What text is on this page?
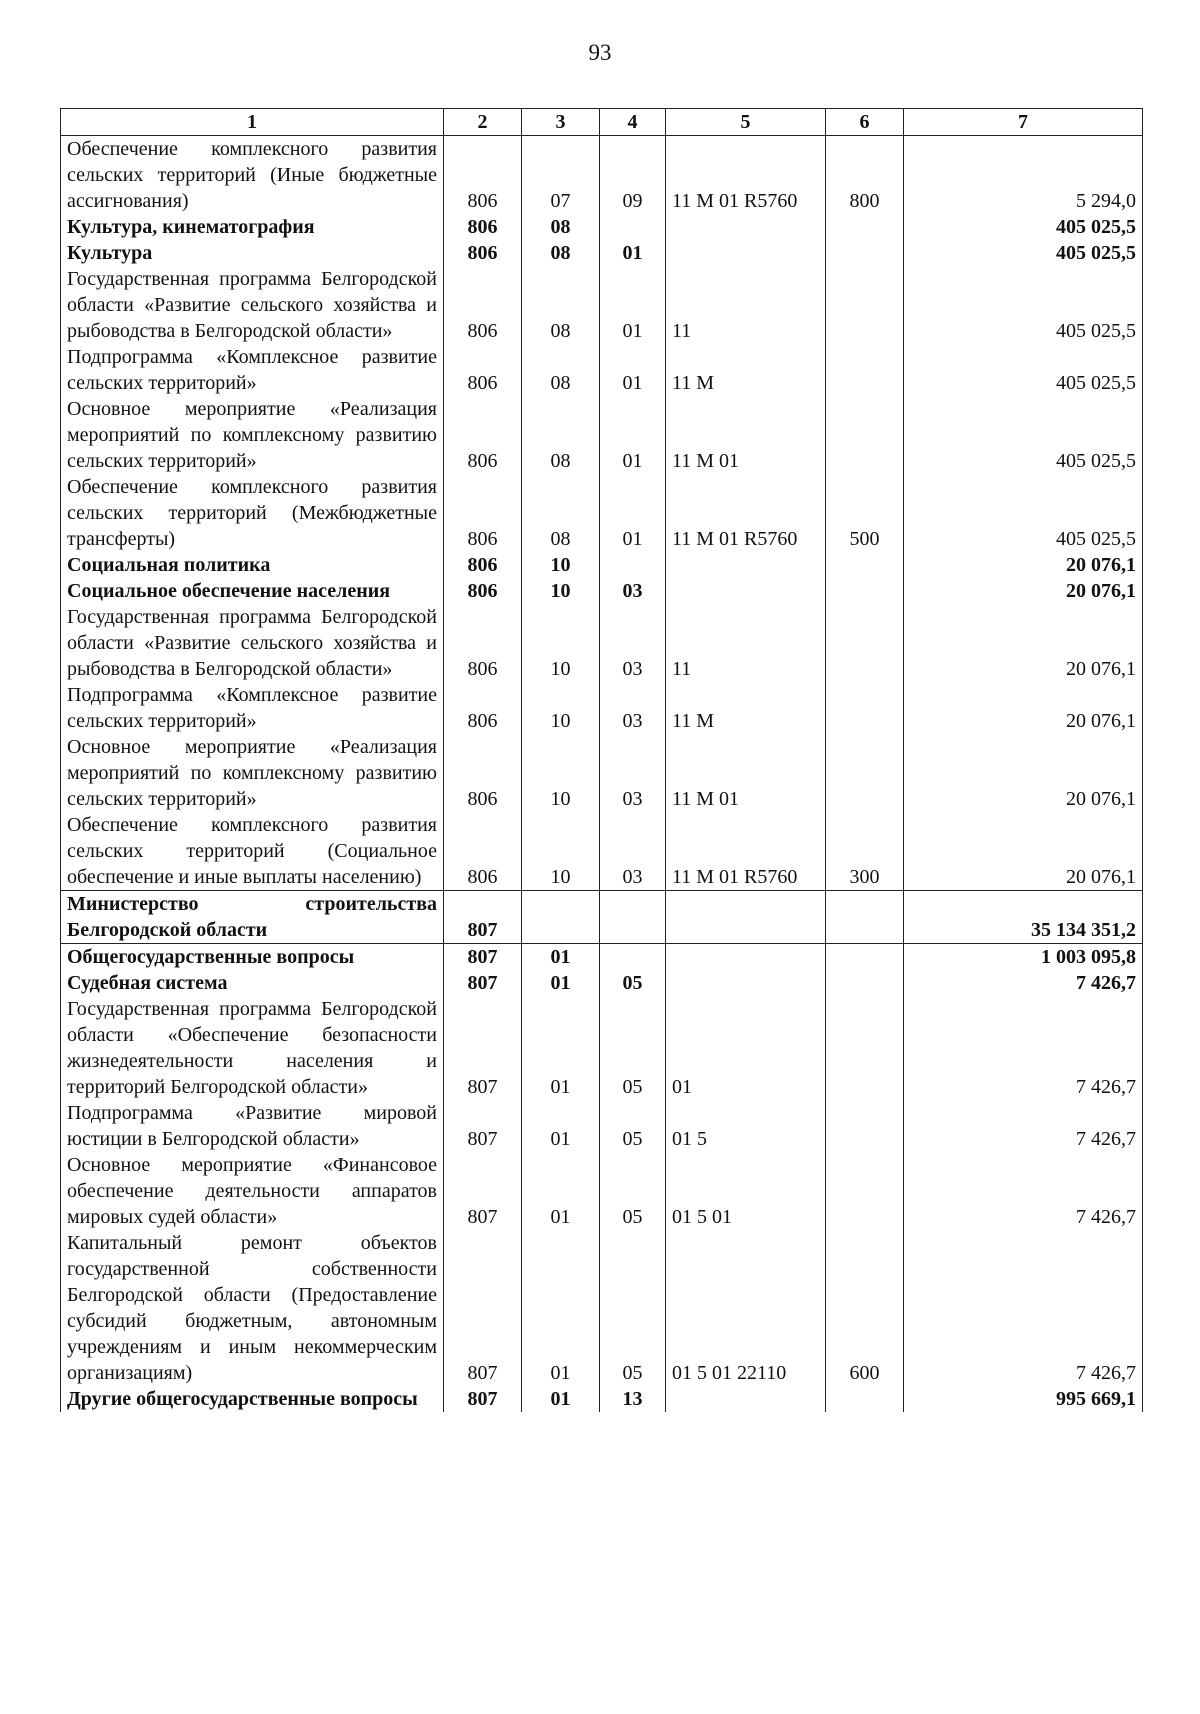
93
1	2	3	4	5	6	7
Обеспечение комплексного развития сельских территорий (Иные бюджетные ассигнования)	806	07	09	11 М 01 R5760	800	5 294,0
Культура, кинематография	806	08				405 025,5
Культура	806	08	01			405 025,5
Государственная программа Белгородской области «Развитие сельского хозяйства и рыбоводства в Белгородской области»	806	08	01	11		405 025,5
Подпрограмма «Комплексное развитие сельских территорий»	806	08	01	11 М		405 025,5
Основное мероприятие «Реализация мероприятий по комплексному развитию сельских территорий»	806	08	01	11 М 01		405 025,5
Обеспечение комплексного развития сельских территорий (Межбюджетные трансферты)	806	08	01	11 М 01 R5760	500	405 025,5
Социальная политика	806	10				20 076,1
Социальное обеспечение населения	806	10	03			20 076,1
Государственная программа Белгородской области «Развитие сельского хозяйства и рыбоводства в Белгородской области»	806	10	03	11		20 076,1
Подпрограмма «Комплексное развитие сельских территорий»	806	10	03	11 М		20 076,1
Основное мероприятие «Реализация мероприятий по комплексному развитию сельских территорий»	806	10	03	11 М 01		20 076,1
Обеспечение комплексного развития сельских территорий (Социальное обеспечение и иные выплаты населению)	806	10	03	11 М 01 R5760	300	20 076,1
Министерство строительства Белгородской области	807					35 134 351,2
Общегосударственные вопросы	807	01				1 003 095,8
Судебная система	807	01	05			7 426,7
Государственная программа Белгородской области «Обеспечение безопасности жизнедеятельности населения и территорий Белгородской области»	807	01	05	01		7 426,7
Подпрограмма «Развитие мировой юстиции в Белгородской области»	807	01	05	01 5		7 426,7
Основное мероприятие «Финансовое обеспечение деятельности аппаратов мировых судей области»	807	01	05	01 5 01		7 426,7
Капитальный ремонт объектов государственной собственности Белгородской области (Предоставление субсидий бюджетным, автономным учреждениям и иным некоммерческим организациям)	807	01	05	01 5 01 22110	600	7 426,7
Другие общегосударственные вопросы	807	01	13			995 669,1
